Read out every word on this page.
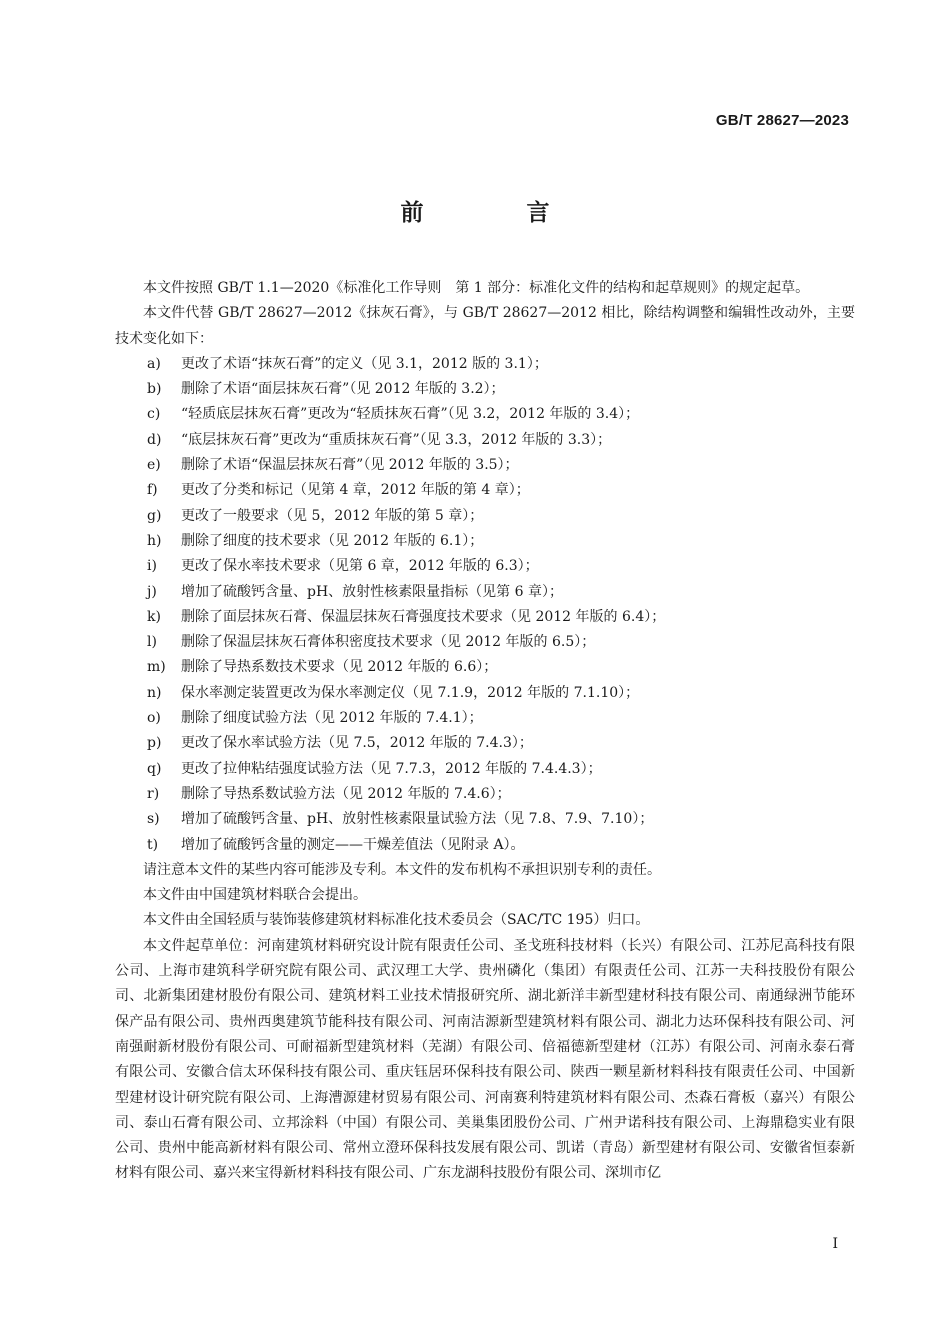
GB/T 28627—2023
前　言

本文件按照 GB/T 1.1—2020《标准化工作导则　第 1 部分：标准化文件的结构和起草规则》的规定起草。

本文件代替 GB/T 28627—2012《抹灰石膏》，与 GB/T 28627—2012 相比，除结构调整和编辑性改动外，主要技术变化如下：

a)	更改了术语“抹灰石膏”的定义（见 3.1，2012 版的 3.1）；
b)	删除了术语“面层抹灰石膏”（见 2012 年版的 3.2）；
c)	“轻质底层抹灰石膏”更改为“轻质抹灰石膏”（见 3.2，2012 年版的 3.4）；
d)	“底层抹灰石膏”更改为“重质抹灰石膏”（见 3.3，2012 年版的 3.3）；
e)	删除了术语“保温层抹灰石膏”（见 2012 年版的 3.5）；
f)	更改了分类和标记（见第 4 章，2012 年版的第 4 章）；
g)	更改了一般要求（见 5，2012 年版的第 5 章）；
h)	删除了细度的技术要求（见 2012 年版的 6.1）；
i)	更改了保水率技术要求（见第 6 章，2012 年版的 6.3）；
j)	增加了硫酸钙含量、pH、放射性核素限量指标（见第 6 章）；
k)	删除了面层抹灰石膏、保温层抹灰石膏强度技术要求（见 2012 年版的 6.4）；
l)	删除了保温层抹灰石膏体积密度技术要求（见 2012 年版的 6.5）；
m)	删除了导热系数技术要求（见 2012 年版的 6.6）；
n)	保水率测定装置更改为保水率测定仪（见 7.1.9，2012 年版的 7.1.10）；
o)	删除了细度试验方法（见 2012 年版的 7.4.1）；
p)	更改了保水率试验方法（见 7.5，2012 年版的 7.4.3）；
q)	更改了拉伸粘结强度试验方法（见 7.7.3，2012 年版的 7.4.4.3）；
r)	删除了导热系数试验方法（见 2012 年版的 7.4.6）；
s)	增加了硫酸钙含量、pH、放射性核素限量试验方法（见 7.8、7.9、7.10）；
t)	增加了硫酸钙含量的测定——干燥差值法（见附录 A）。

请注意本文件的某些内容可能涉及专利。本文件的发布机构不承担识别专利的责任。

本文件由中国建筑材料联合会提出。

本文件由全国轻质与装饰装修建筑材料标准化技术委员会（SAC/TC 195）归口。

本文件起草单位：河南建筑材料研究设计院有限责任公司、圣戈班科技材料（长兴）有限公司、江苏尼高科技有限公司、上海市建筑科学研究院有限公司、武汉理工大学、贵州磷化（集团）有限责任公司、江苏一夫科技股份有限公司、北新集团建材股份有限公司、建筑材料工业技术情报研究所、湖北新洋丰新型建材科技有限公司、南通绿洲节能环保产品有限公司、贵州西奥建筑节能科技有限公司、河南洁源新型建筑材料有限公司、湖北力达环保科技有限公司、河南强耐新材股份有限公司、可耐福新型建筑材料（芜湖）有限公司、倍福德新型建材（江苏）有限公司、河南永泰石膏有限公司、安徽合信太环保科技有限公司、重庆钰居环保科技有限公司、陕西一颗星新材料科技有限责任公司、中国新型建材设计研究院有限公司、上海漕源建材贸易有限公司、河南赛利特建筑材料有限公司、杰森石膏板（嘉兴）有限公司、泰山石膏有限公司、立邦涂料（中国）有限公司、美巢集团股份公司、广州尹诺科技有限公司、上海鼎稳实业有限公司、贵州中能高新材料有限公司、常州立澄环保科技发展有限公司、凯诺（青岛）新型建材有限公司、安徽省恒泰新材料有限公司、嘉兴来宝得新材料科技有限公司、广东龙湖科技股份有限公司、深圳市亿

I
